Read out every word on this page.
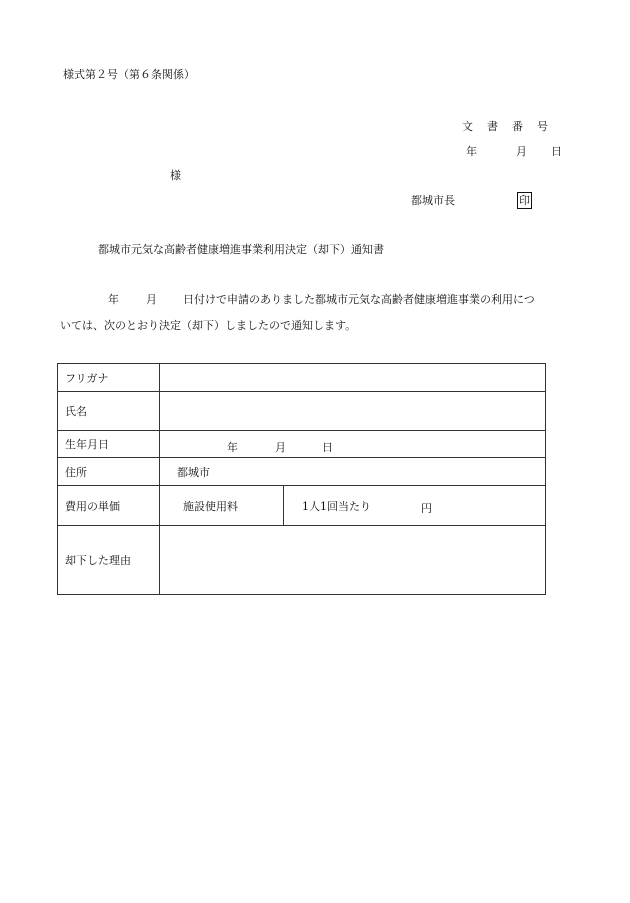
様式第２号（第６条関係）
文書番号
年	月 日
様
都城市長	印
都城市元気な高齢者健康増進事業利用決定（却下）通知書
年 月 日付けで申請のありました都城市元気な高齢者健康増進事業の利用につ
いては、次のとおり決定（却下）しましたので通知します。
フリガナ	
氏名	
生年月日	年 月 日

住所	都城市
費用の単価	施設使用料 1人1回当たり 円

却下した理由	
